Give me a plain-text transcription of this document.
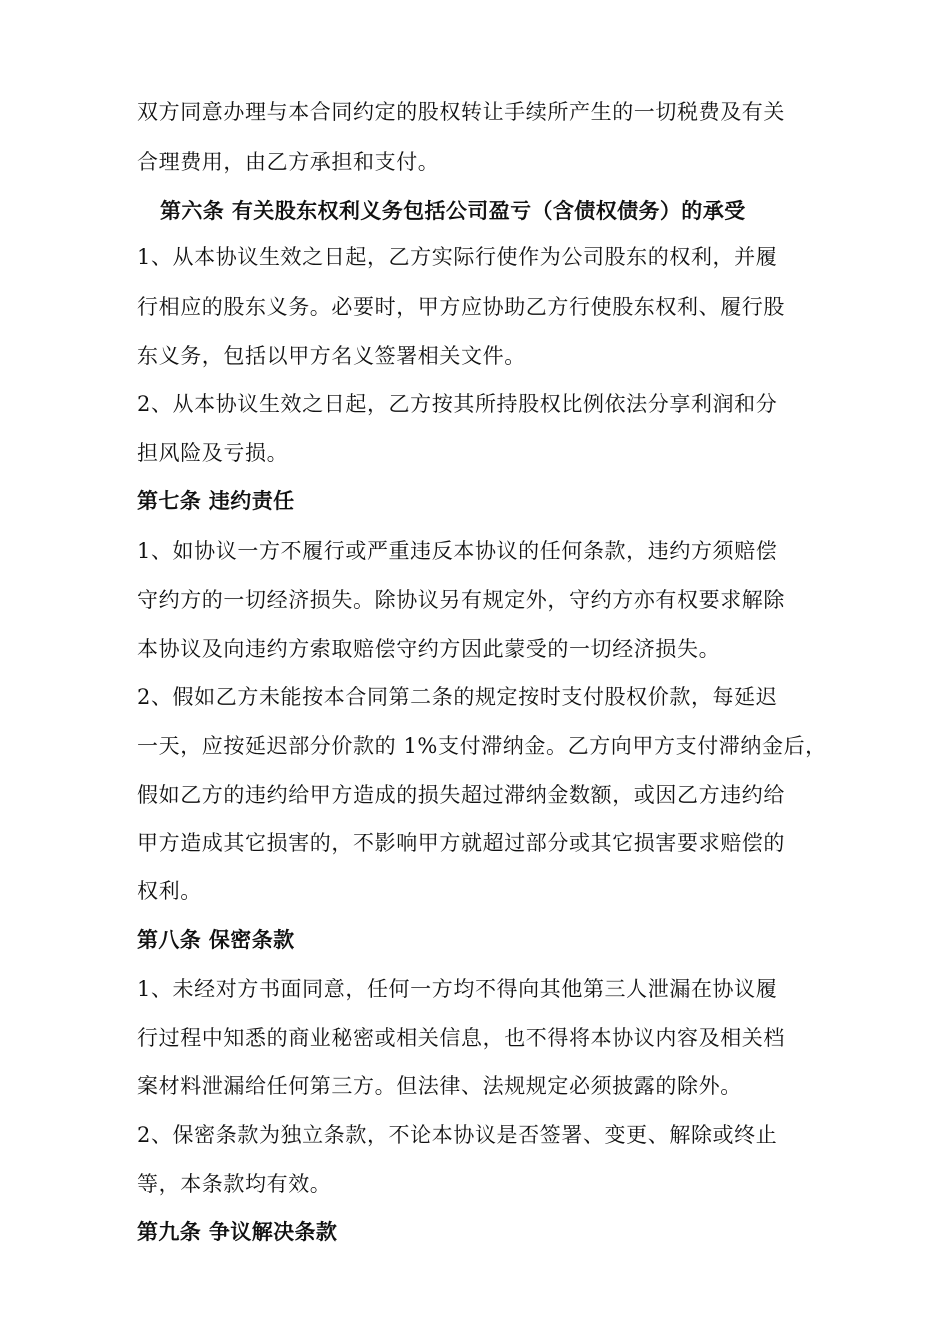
双方同意办理与本合同约定的股权转让手续所产生的一切税费及有关
合理费用，由乙方承担和支付。
第六条 有关股东权利义务包括公司盈亏（含债权债务）的承受
1、从本协议生效之日起，乙方实际行使作为公司股东的权利，并履
行相应的股东义务。必要时，甲方应协助乙方行使股东权利、履行股
东义务，包括以甲方名义签署相关文件。
2、从本协议生效之日起，乙方按其所持股权比例依法分享利润和分
担风险及亏损。
第七条 违约责任
1、如协议一方不履行或严重违反本协议的任何条款，违约方须赔偿
守约方的一切经济损失。除协议另有规定外，守约方亦有权要求解除
本协议及向违约方索取赔偿守约方因此蒙受的一切经济损失。
2、假如乙方未能按本合同第二条的规定按时支付股权价款，每延迟
一天，应按延迟部分价款的 1%支付滞纳金。乙方向甲方支付滞纳金后，
假如乙方的违约给甲方造成的损失超过滞纳金数额，或因乙方违约给
甲方造成其它损害的，不影响甲方就超过部分或其它损害要求赔偿的
权利。
第八条 保密条款
1、未经对方书面同意，任何一方均不得向其他第三人泄漏在协议履
行过程中知悉的商业秘密或相关信息，也不得将本协议内容及相关档
案材料泄漏给任何第三方。但法律、法规规定必须披露的除外。
2、保密条款为独立条款，不论本协议是否签署、变更、解除或终止
等，本条款均有效。
第九条 争议解决条款
